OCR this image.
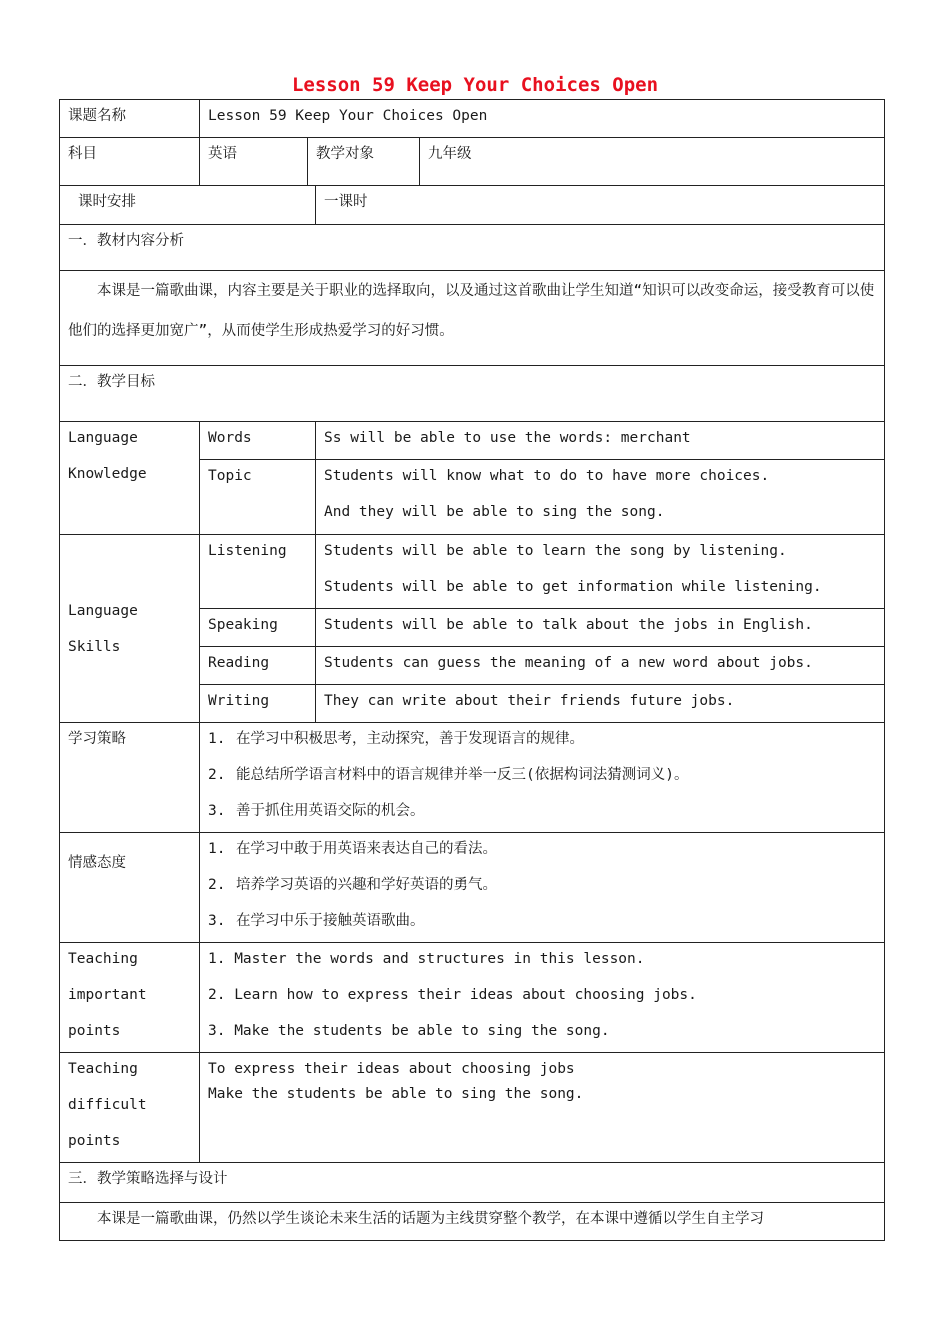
Lesson 59 Keep Your Choices Open
课题名称	Lesson 59 Keep Your Choices Open			
科目	英语	教学对象		九年级
课时安排			一课时	
一．教材内容分析				
本课是一篇歌曲课，内容主要是关于职业的选择取向，以及通过这首歌曲让学生知道“知识可以改变命运，接受教育可以使他们的选择更加宽广”，从而使学生形成热爱学习的好习惯。				
二．教学目标				

Language
Knowledge	Words		Ss will be able to use the words: merchant	
	Topic		Students will know what to do to have more choices.
And they will be able to sing the song.	

Language
Skills	Listening		Students will be able to learn the song by listening.
Students will be able to get information while listening.	

	Speaking		Students will be able to talk about the jobs in English.	
	Reading		Students can guess the meaning of a new word about jobs.	
	Writing		They can write about their friends future jobs.	
学习策略	1. 在学习中积极思考，主动探究，善于发现语言的规律。
2. 能总结所学语言材料中的语言规律并举一反三(依据构词法猜测词义)。
3. 善于抓住用英语交际的机会。			

情感态度	1. 在学习中敢于用英语来表达自己的看法。
2. 培养学习英语的兴趣和学好英语的勇气。
3. 在学习中乐于接触英语歌曲。			

Teaching
important
points	1. Master the words and structures in this lesson.
2. Learn how to express their ideas about choosing jobs.
3. Make the students be able to sing the song.			

Teaching
difficult
points	To express their ideas about choosing jobs
Make the students be able to sing the song.			

三．教学策略选择与设计				
本课是一篇歌曲课，仍然以学生谈论未来生活的话题为主线贯穿整个教学，在本课中遵循以学生自主学习				
